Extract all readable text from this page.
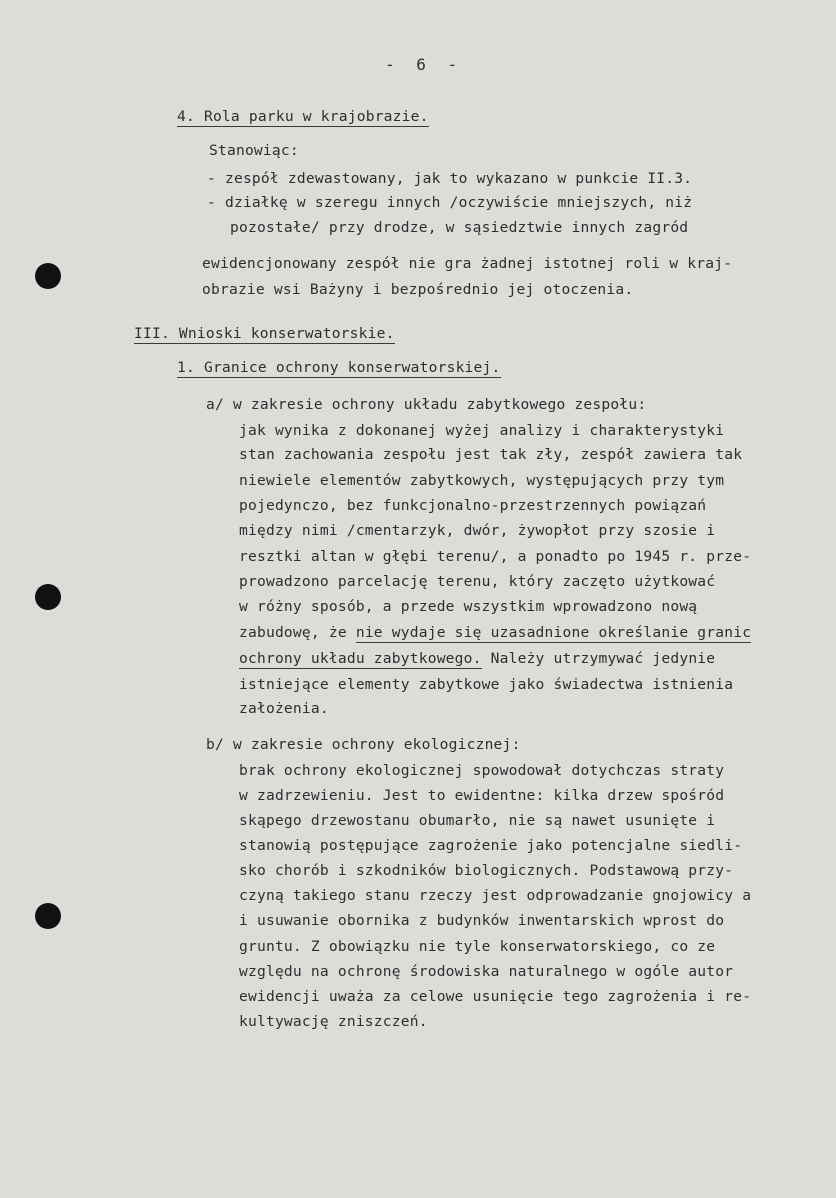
- 6 -
4. Rola parku w krajobrazie.
Stanowiąc:
- zespół zdewastowany, jak to wykazano w punkcie II.3.
- działkę w szeregu innych /oczywiście mniejszych, niż
pozostałe/ przy drodze, w sąsiedztwie innych zagród
ewidencjonowany zespół nie gra żadnej istotnej roli w kraj-
obrazie wsi Bażyny i bezpośrednio jej otoczenia.
III. Wnioski konserwatorskie.
1. Granice ochrony konserwatorskiej.
a/ w zakresie ochrony układu zabytkowego zespołu:
jak wynika z dokonanej wyżej analizy i charakterystyki
stan zachowania zespołu jest tak zły, zespół zawiera tak
niewiele elementów zabytkowych, występujących przy tym
pojedynczo, bez funkcjonalno-przestrzennych powiązań
między nimi /cmentarzyk, dwór, żywopłot przy szosie i
resztki altan w głębi terenu/, a ponadto po 1945 r. prze-
prowadzono parcelację terenu, który zaczęto użytkować
w różny sposób, a przede wszystkim wprowadzono nową
zabudowę, że nie wydaje się uzasadnione określanie granic
ochrony układu zabytkowego. Należy utrzymywać jedynie
istniejące elementy zabytkowe jako świadectwa istnienia
założenia.
b/ w zakresie ochrony ekologicznej:
brak ochrony ekologicznej spowodował dotychczas straty
w zadrzewieniu. Jest to ewidentne: kilka drzew spośród
skąpego drzewostanu obumarło, nie są nawet usunięte i
stanowią postępujące zagrożenie jako potencjalne siedli-
sko chorób i szkodników biologicznych. Podstawową przy-
czyną takiego stanu rzeczy jest odprowadzanie gnojowicy a
i usuwanie obornika z budynków inwentarskich wprost do
gruntu. Z obowiązku nie tyle konserwatorskiego, co ze
względu na ochronę środowiska naturalnego w ogóle autor
ewidencji uważa za celowe usunięcie tego zagrożenia i re-
kultywację zniszczeń.
